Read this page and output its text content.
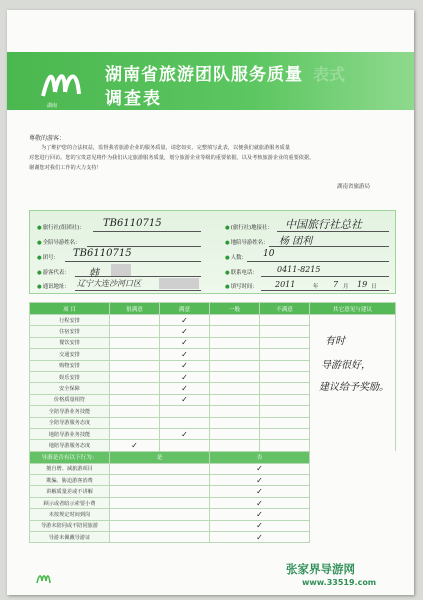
湖南
湖南省旅游团队服务质量
调查表
表式
尊敬的游客：
为了维护您的合法权益，监督我省旅游企业的服务质量，请您如实、完整填写此表，以便我们就旅游服务质量
对您进行回访。您的宝贵意见将作为我们认定旅游服务质量，划分旅游企业等级的重要依据。以及考核旅游企业的重要依据，
谢谢您对我们工作的大力支持！
湖南省旅游局
●旅行社(组团社)： TB6110715	●(旅行社)地接社： 中国旅行社总社
●全陪导游姓名：	●地陪导游姓名： 杨 团利
●团号： TB6110715	●人数： 10
●游客代表： 韩	●联系电话： 0411-8215
●通讯地址： 辽宁大连沙河口区	●填写时间： 2011	年 7 月 19 日
项 目	很满意	满意	一般	不满意	其它意见与建议
行程安排		✓			
住宿安排		✓			
餐饮安排		✓			
交通安排		✓			
购物安排		✓			
娱乐安排		✓			
安全保障		✓			
价格质量相符		✓			
全陪导游业务技能					
全陪导游服务态度					
地陪导游业务技能		✓			
地陪导游服务态度	✓				
导游是否有以下行为：	是		否		
擅自增、减旅游项目			✓		
欺骗、胁迫游客消费			✓		
讲解质量差或不讲解			✓		
顾示或者暗示索要小费			✓		
未按规定时间到岗			✓		
导游未陪同或不陪同旅游			✓		
导游未佩戴导游证			✓		
有时
导游很好，
建议给予奖励。
张家界导游网
www.33519.com
